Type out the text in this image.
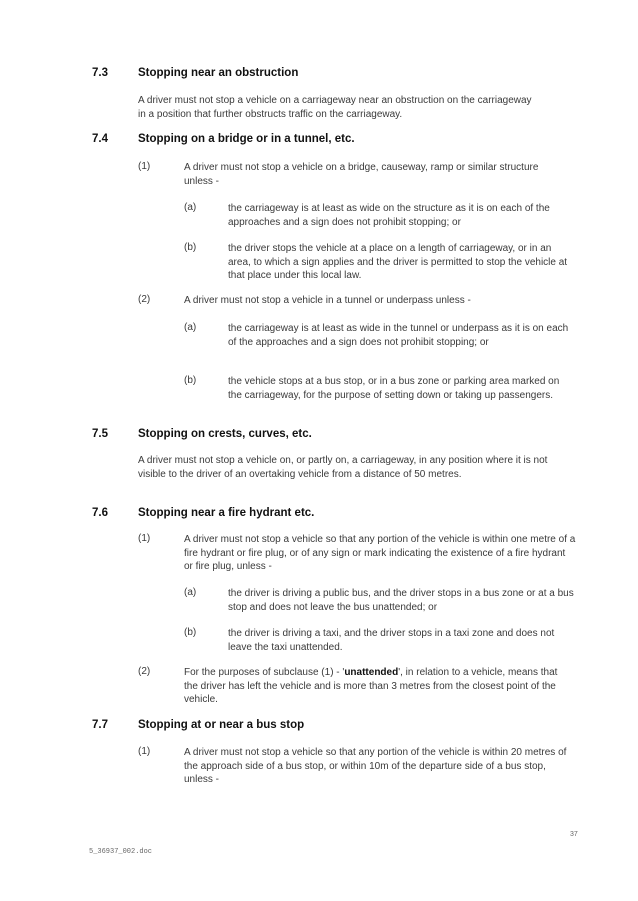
7.3	Stopping near an obstruction
A driver must not stop a vehicle on a carriageway near an obstruction on the carriageway in a position that further obstructs traffic on the carriageway.
7.4	Stopping on a bridge or in a tunnel, etc.
(1)	A driver must not stop a vehicle on a bridge, causeway, ramp or similar structure unless -
(a)	the carriageway is at least as wide on the structure as it is on each of the approaches and a sign does not prohibit stopping; or
(b)	the driver stops the vehicle at a place on a length of carriageway, or in an area, to which a sign applies and the driver is permitted to stop the vehicle at that place under this local law.
(2)	A driver must not stop a vehicle in a tunnel or underpass unless -
(a)	the carriageway is at least as wide in the tunnel or underpass as it is on each of the approaches and a sign does not prohibit stopping; or
(b)	the vehicle stops at a bus stop, or in a bus zone or parking area marked on the carriageway, for the purpose of setting down or taking up passengers.
7.5	Stopping on crests, curves, etc.
A driver must not stop a vehicle on, or partly on, a carriageway, in any position where it is not visible to the driver of an overtaking vehicle from a distance of 50 metres.
7.6	Stopping near a fire hydrant etc.
(1)	A driver must not stop a vehicle so that any portion of the vehicle is within one metre of a fire hydrant or fire plug, or of any sign or mark indicating the existence of a fire hydrant or fire plug, unless -
(a)	the driver is driving a public bus, and the driver stops in a bus zone or at a bus stop and does not leave the bus unattended; or
(b)	the driver is driving a taxi, and the driver stops in a taxi zone and does not leave the taxi unattended.
(2)	For the purposes of subclause (1) - 'unattended', in relation to a vehicle, means that the driver has left the vehicle and is more than 3 metres from the closest point of the vehicle.
7.7	Stopping at or near a bus stop
(1)	A driver must not stop a vehicle so that any portion of the vehicle is within 20 metres of the approach side of a bus stop, or within 10m of the departure side of a bus stop, unless -
37
5_36937_002.doc
